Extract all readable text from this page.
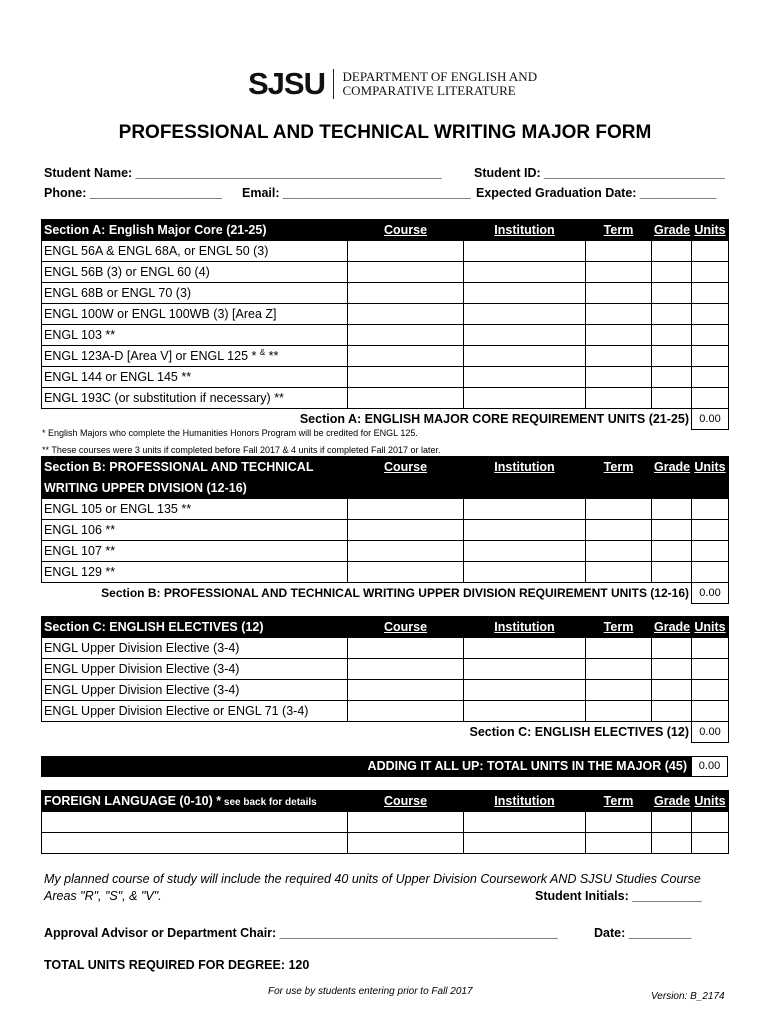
SJSU DEPARTMENT OF ENGLISH AND
COMPARATIVE LITERATURE
PROFESSIONAL AND TECHNICAL WRITING MAJOR FORM
Student Name: ____________________________________________	Student ID: __________________________
Phone: ___________________ Email: ___________________________ Expected Graduation Date: ___________
Section A: English Major Core (21-25)	Course	Institution	Term	Grade	Units
ENGL 56A & ENGL 68A, or ENGL 50 (3)					
ENGL 56B (3) or ENGL 60 (4)					
ENGL 68B or ENGL 70 (3)					
ENGL 100W or ENGL 100WB (3) [Area Z]					
ENGL 103 **					
ENGL 123A-D [Area V] or ENGL 125 * & **					
ENGL 144 or ENGL 145 **					
ENGL 193C (or substitution if necessary) **					
Section A: ENGLISH MAJOR CORE REQUIREMENT UNITS (21-25)					0.00
* English Majors who complete the Humanities Honors Program will be credited for ENGL 125.
** These courses were 3 units if completed before Fall 2017 & 4 units if completed Fall 2017 or later.
Section B: PROFESSIONAL AND TECHNICAL	Course	Institution	Term	Grade	Units
WRITING UPPER DIVISION (12-16)					
ENGL 105 or ENGL 135 **					
ENGL 106 **					
ENGL 107 **					
ENGL 129 **					
Section B: PROFESSIONAL AND TECHNICAL WRITING UPPER DIVISION REQUIREMENT UNITS (12-16)					0.00
Section C: ENGLISH ELECTIVES (12)	Course	Institution	Term	Grade	Units
ENGL Upper Division Elective (3-4)					
ENGL Upper Division Elective (3-4)					
ENGL Upper Division Elective (3-4)					
ENGL Upper Division Elective or ENGL 71 (3-4)					
Section C: ENGLISH ELECTIVES (12)					0.00
ADDING IT ALL UP: TOTAL UNITS IN THE MAJOR (45)	0.00
FOREIGN LANGUAGE (0-10) * see back for details	Course	Institution	Term	Grade	Units

My planned course of study will include the required 40 units of Upper Division Coursework AND SJSU Studies Course
Areas "R", "S", & "V".	Student Initials: __________
Approval Advisor or Department Chair: ________________________________________	Date: _________
TOTAL UNITS REQUIRED FOR DEGREE: 120
For use by students entering prior to Fall 2017	Version: B_2174
